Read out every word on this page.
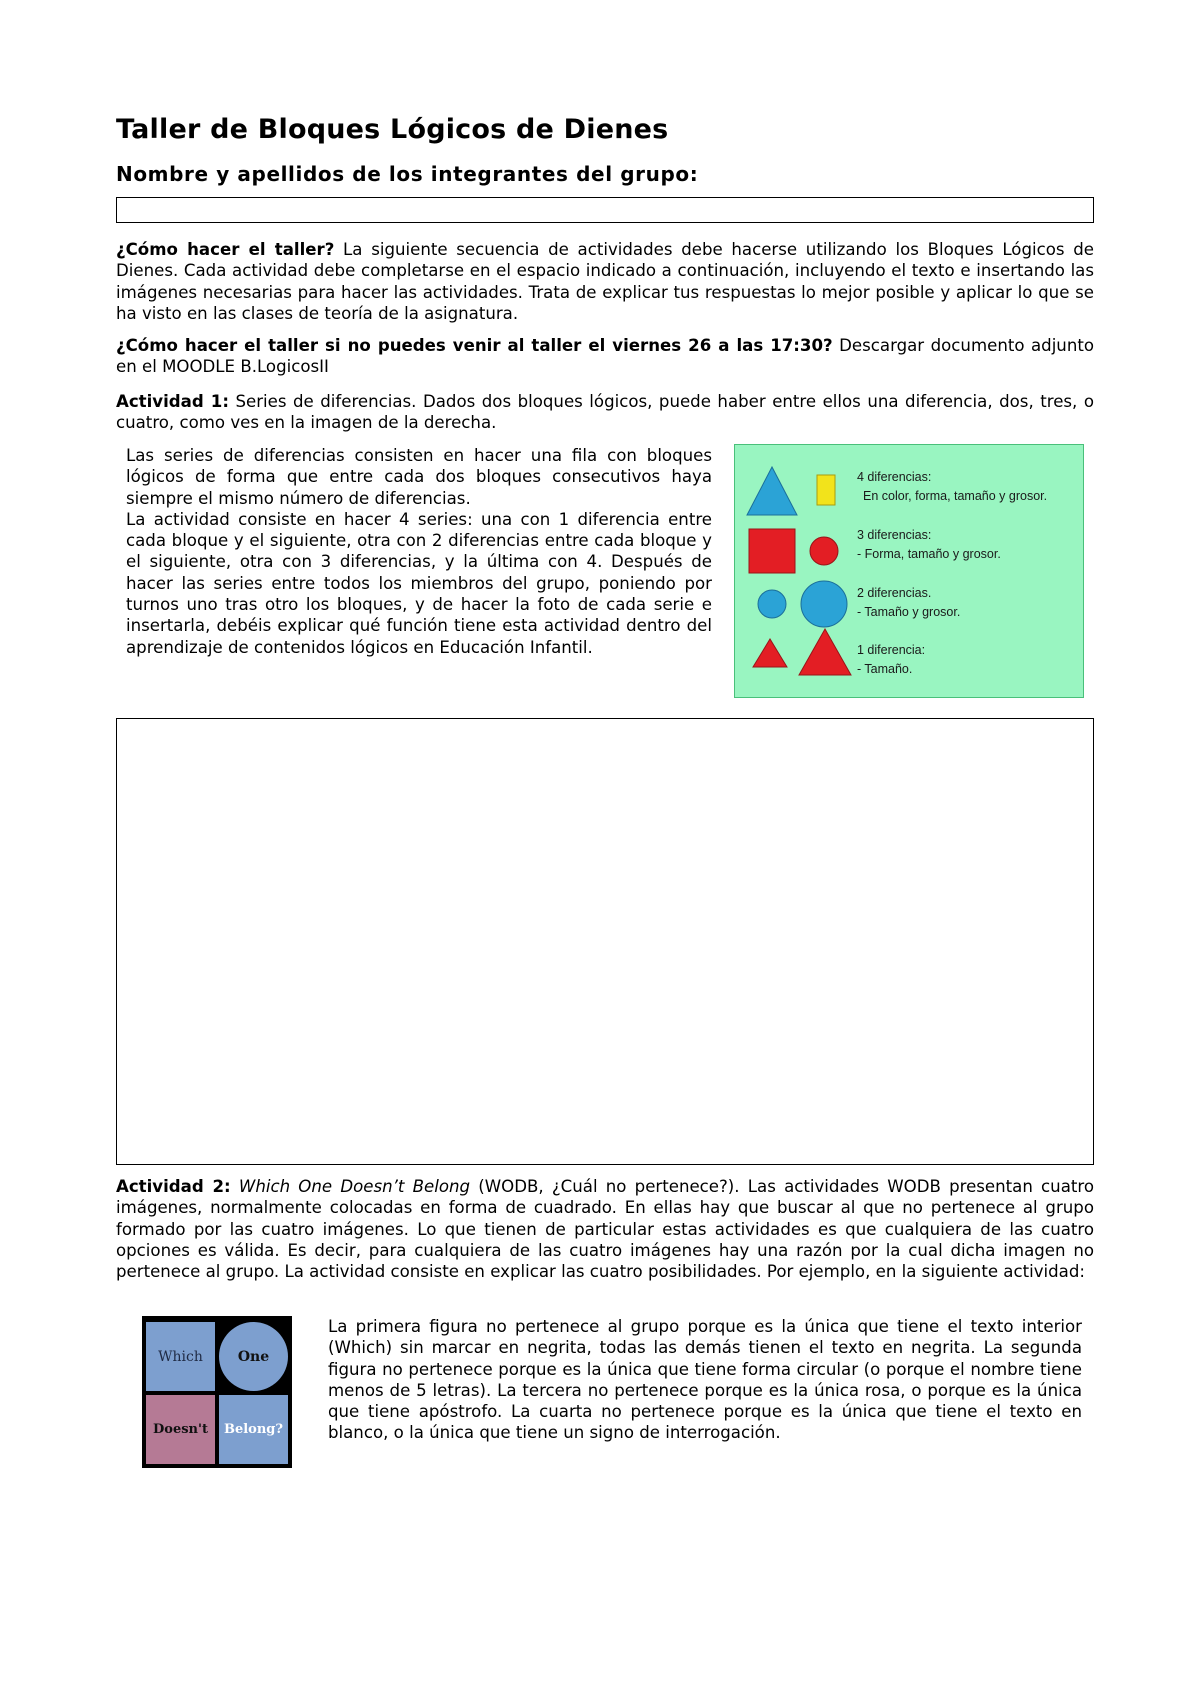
Taller de Bloques Lógicos de Dienes
Nombre y apellidos de los integrantes del grupo:

¿Cómo hacer el taller? La siguiente secuencia de actividades debe hacerse utilizando los Bloques Lógicos de Dienes. Cada actividad debe completarse en el espacio indicado a continuación, incluyendo el texto e insertando las imágenes necesarias para hacer las actividades. Trata de explicar tus respuestas lo mejor posible y aplicar lo que se ha visto en las clases de teoría de la asignatura.

¿Cómo hacer el taller si no puedes venir al taller el viernes 26 a las 17:30? Descargar documento adjunto en el MOODLE B.LogicosII

Actividad 1: Series de diferencias. Dados dos bloques lógicos, puede haber entre ellos una diferencia, dos, tres, o cuatro, como ves en la imagen de la derecha.

Las series de diferencias consisten en hacer una fila con bloques lógicos de forma que entre cada dos bloques consecutivos haya siempre el mismo número de diferencias.

La actividad consiste en hacer 4 series: una con 1 diferencia entre cada bloque y el siguiente, otra con 2 diferencias entre cada bloque y el siguiente, otra con 3 diferencias, y la última con 4. Después de hacer las series entre todos los miembros del grupo, poniendo por turnos uno tras otro los bloques, y de hacer la foto de cada serie e insertarla, debéis explicar qué función tiene esta actividad dentro del aprendizaje de contenidos lógicos en Educación Infantil.

4 diferencias:

En color, forma, tamaño y grosor.

3 diferencias:

- Forma, tamaño y grosor.

2 diferencias.

- Tamaño y grosor.

1 diferencia:

- Tamaño.

Actividad 2: Which One Doesn’t Belong (WODB, ¿Cuál no pertenece?). Las actividades WODB presentan cuatro imágenes, normalmente colocadas en forma de cuadrado. En ellas hay que buscar al que no pertenece al grupo formado por las cuatro imágenes. Lo que tienen de particular estas actividades es que cualquiera de las cuatro opciones es válida. Es decir, para cualquiera de las cuatro imágenes hay una razón por la cual dicha imagen no pertenece al grupo. La actividad consiste en explicar las cuatro posibilidades. Por ejemplo, en la siguiente actividad:

Which One
Doesn't Belong?

La primera figura no pertenece al grupo porque es la única que tiene el texto interior (Which) sin marcar en negrita, todas las demás tienen el texto en negrita. La segunda figura no pertenece porque es la única que tiene forma circular (o porque el nombre tiene menos de 5 letras). La tercera no pertenece porque es la única rosa, o porque es la única que tiene apóstrofo. La cuarta no pertenece porque es la única que tiene el texto en blanco, o la única que tiene un signo de interrogación.
